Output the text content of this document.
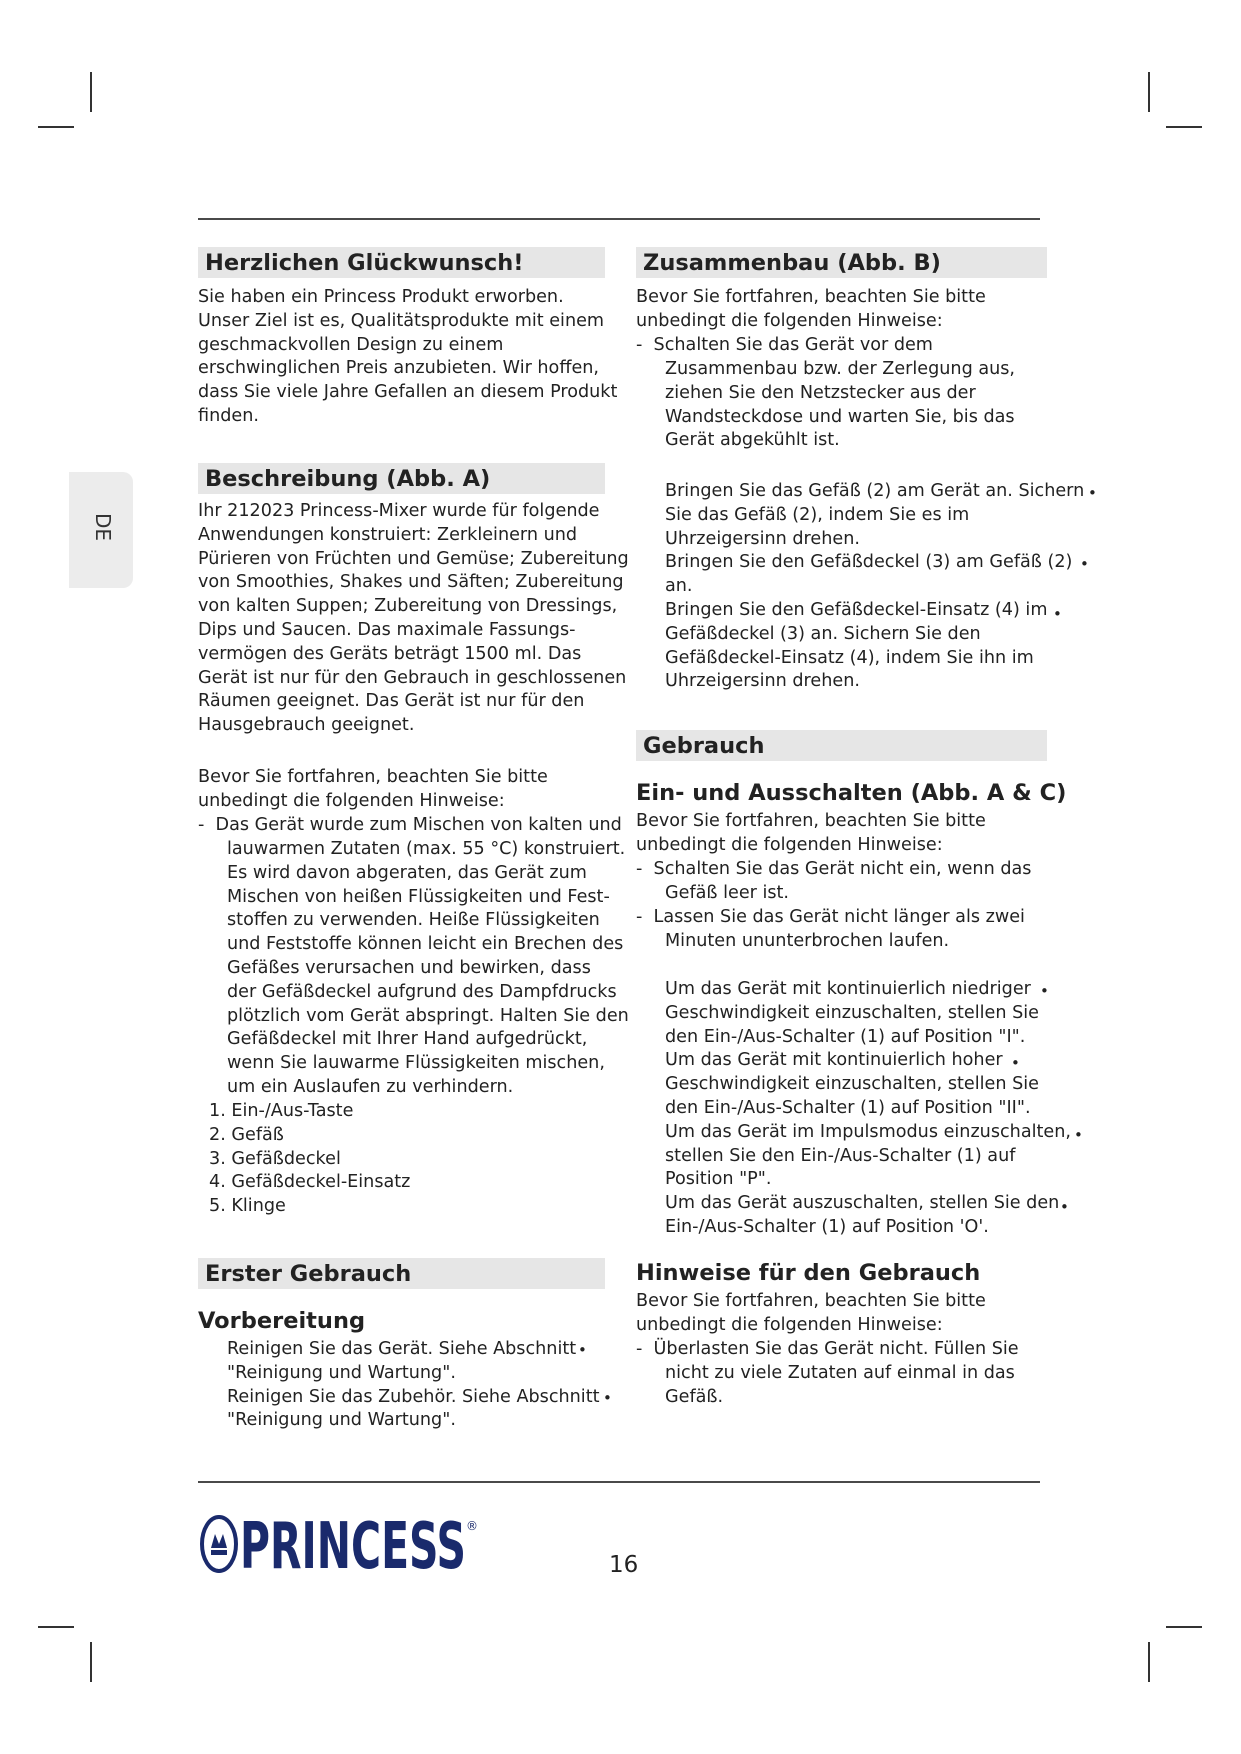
DE
Herzlichen Glückwunsch!
Sie haben ein Princess Produkt erworben.
Unser Ziel ist es, Qualitätsprodukte mit einem
geschmackvollen Design zu einem
erschwinglichen Preis anzubieten. Wir hoffen,
dass Sie viele Jahre Gefallen an diesem Produkt
finden.
Beschreibung (Abb. A)
Ihr 212023 Princess-Mixer wurde für folgende
Anwendungen konstruiert: Zerkleinern und
Pürieren von Früchten und Gemüse; Zubereitung
von Smoothies, Shakes und Säften; Zubereitung
von kalten Suppen; Zubereitung von Dressings,
Dips und Saucen. Das maximale Fassungs-
vermögen des Geräts beträgt 1500 ml. Das
Gerät ist nur für den Gebrauch in geschlossenen
Räumen geeignet. Das Gerät ist nur für den
Hausgebrauch geeignet.
Bevor Sie fortfahren, beachten Sie bitte
unbedingt die folgenden Hinweise:
-  Das Gerät wurde zum Mischen von kalten und
lauwarmen Zutaten (max. 55 °C) konstruiert.
Es wird davon abgeraten, das Gerät zum
Mischen von heißen Flüssigkeiten und Fest-
stoffen zu verwenden. Heiße Flüssigkeiten
und Feststoffe können leicht ein Brechen des
Gefäßes verursachen und bewirken, dass
der Gefäßdeckel aufgrund des Dampfdrucks
plötzlich vom Gerät abspringt. Halten Sie den
Gefäßdeckel mit Ihrer Hand aufgedrückt,
wenn Sie lauwarme Flüssigkeiten mischen,
um ein Auslaufen zu verhindern.
1. Ein-/Aus-Taste
2. Gefäß
3. Gefäßdeckel
4. Gefäßdeckel-Einsatz
5. Klinge
Erster Gebrauch
Vorbereitung
Reinigen Sie das Gerät. Siehe Abschnitt
"Reinigung und Wartung".
Reinigen Sie das Zubehör. Siehe Abschnitt
"Reinigung und Wartung".
•
•
Zusammenbau (Abb. B)
Bevor Sie fortfahren, beachten Sie bitte
unbedingt die folgenden Hinweise:
-  Schalten Sie das Gerät vor dem
Zusammenbau bzw. der Zerlegung aus,
ziehen Sie den Netzstecker aus der
Wandsteckdose und warten Sie, bis das
Gerät abgekühlt ist.
Bringen Sie das Gefäß (2) am Gerät an. Sichern
Sie das Gefäß (2), indem Sie es im
Uhrzeigersinn drehen.
Bringen Sie den Gefäßdeckel (3) am Gefäß (2)
an.
Bringen Sie den Gefäßdeckel-Einsatz (4) im
Gefäßdeckel (3) an. Sichern Sie den
Gefäßdeckel-Einsatz (4), indem Sie ihn im
Uhrzeigersinn drehen.
•
•
•
Gebrauch
Ein- und Ausschalten (Abb. A & C)
Bevor Sie fortfahren, beachten Sie bitte
unbedingt die folgenden Hinweise:
-  Schalten Sie das Gerät nicht ein, wenn das
Gefäß leer ist.
-  Lassen Sie das Gerät nicht länger als zwei
Minuten ununterbrochen laufen.
Um das Gerät mit kontinuierlich niedriger
Geschwindigkeit einzuschalten, stellen Sie
den Ein-/Aus-Schalter (1) auf Position "I".
Um das Gerät mit kontinuierlich hoher
Geschwindigkeit einzuschalten, stellen Sie
den Ein-/Aus-Schalter (1) auf Position "II".
Um das Gerät im Impulsmodus einzuschalten,
stellen Sie den Ein-/Aus-Schalter (1) auf
Position "P".
Um das Gerät auszuschalten, stellen Sie den
Ein-/Aus-Schalter (1) auf Position 'O'.
•
•
•
•
Hinweise für den Gebrauch
Bevor Sie fortfahren, beachten Sie bitte
unbedingt die folgenden Hinweise:
-  Überlasten Sie das Gerät nicht. Füllen Sie
nicht zu viele Zutaten auf einmal in das
Gefäß.
PRINCESS ®
16
